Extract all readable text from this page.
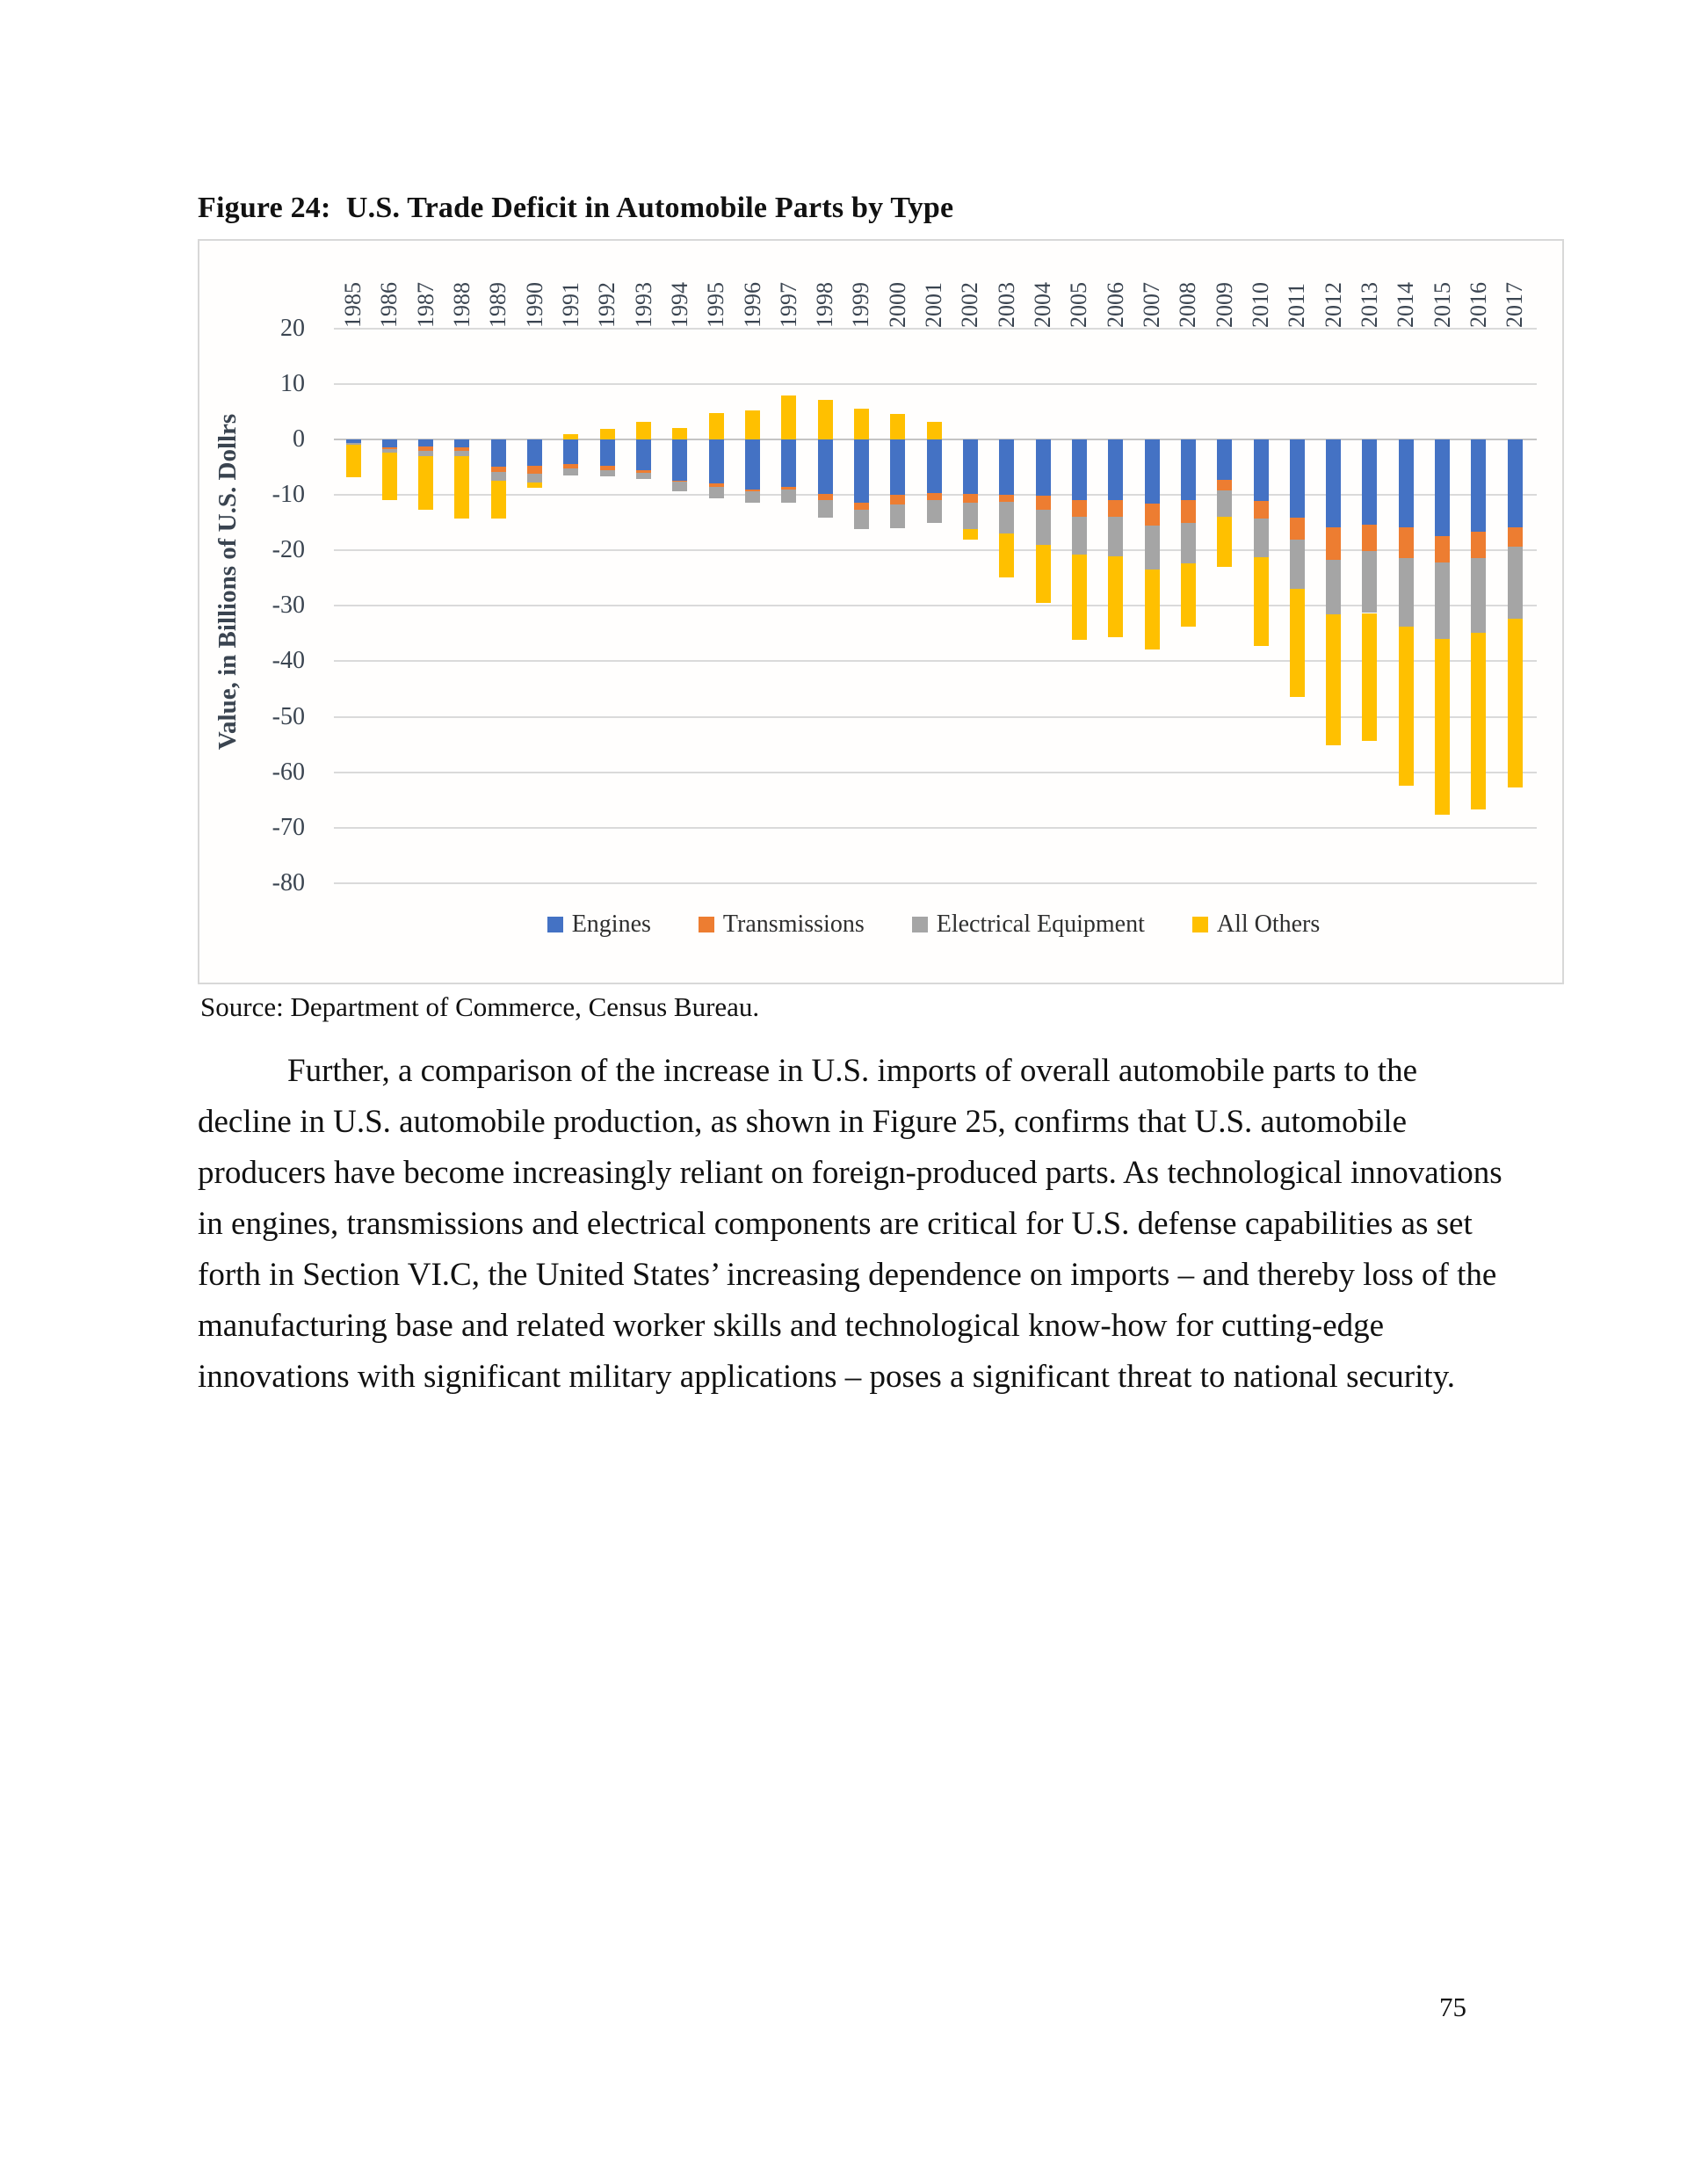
Figure 24:  U.S. Trade Deficit in Automobile Parts by Type
Value, in Billions of U.S. Dollrs
20
10
0
-10
-20
-30
-40
-50
-60
-70
-80
1985 1986 1987 1988 1989 1990 1991 1992 1993 1994 1995 1996 1997 1998 1999 2000 2001 2002 2003 2004 2005 2006 2007 2008 2009 2010 2011 2012 2013 2014 2015 2016 2017
Engines	Transmissions	Electrical Equipment	All Others
Source: Department of Commerce, Census Bureau.

Further, a comparison of the increase in U.S. imports of overall automobile parts to the decline in U.S. automobile production, as shown in Figure 25, confirms that U.S. automobile producers have become increasingly reliant on foreign-produced parts. As technological innovations in engines, transmissions and electrical components are critical for U.S. defense capabilities as set forth in Section VI.C, the United States’ increasing dependence on imports – and thereby loss of the manufacturing base and related worker skills and technological know-how for cutting-edge innovations with significant military applications – poses a significant threat to national security.

75
